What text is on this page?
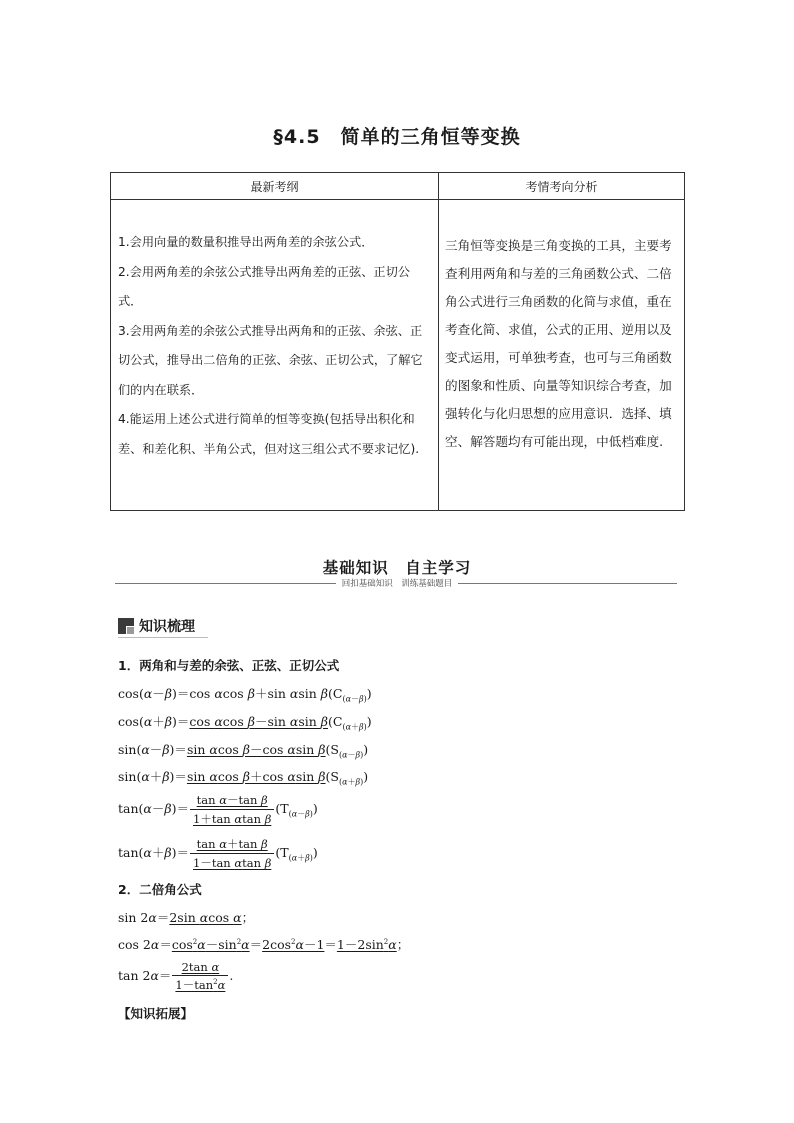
§4.5　简单的三角恒等变换
最新考纲	考情考向分析

1.会用向量的数量积推导出两角差的余弦公式．

2.会用两角差的余弦公式推导出两角差的正弦、正切公式．

3.会用两角差的余弦公式推导出两角和的正弦、余弦、正切公式，推导出二倍角的正弦、余弦、正切公式，了解它们的内在联系．

4.能运用上述公式进行简单的恒等变换(包括导出积化和差、和差化积、半角公式，但对这三组公式不要求记忆).	三角恒等变换是三角变换的工具，主要考查利用两角和与差的三角函数公式、二倍角公式进行三角函数的化简与求值，重在考查化简、求值，公式的正用、逆用以及变式运用，可单独考查，也可与三角函数的图象和性质、向量等知识综合考查，加强转化与化归思想的应用意识．选择、填空、解答题均有可能出现，中低档难度.

基础知识　自主学习
回扣基础知识　训练基础题目
知识梳理
1．两角和与差的余弦、正弦、正切公式
cos(α－β)＝cos αcos β＋sin αsin $\beta(C_{(\alpha-\beta)})$
cos(α＋β)＝cos αcos β－sin αsin $\beta(C_{(\alpha+\beta)})$
sin(α－β)＝sin αcos β－cos αsin $\beta(S_{(\alpha-\beta)})$
sin(α＋β)＝sin αcos β＋cos αsin $\beta(S_{(\alpha+\beta)})$
$\tan(\alpha-\beta)= \frac{\text{tan α－tan β}}{\text{1＋tan αtan β}} (T_{(\alpha-\beta)})$
$\tan(\alpha+\beta)= \frac{\text{tan α＋tan β}}{\text{1－tan αtan β}} (T_{(\alpha+\beta)})$
2．二倍角公式
sin 2α＝2sin αcos α；
$\cos 2\alpha=\cos^2\alpha-\sin^2\alpha=2\cos^2\alpha-1=1-2\sin^2\alpha$；
$\tan 2\alpha= \frac{\text{2tan α}}{1-\tan^2\alpha}$ .
【知识拓展】
